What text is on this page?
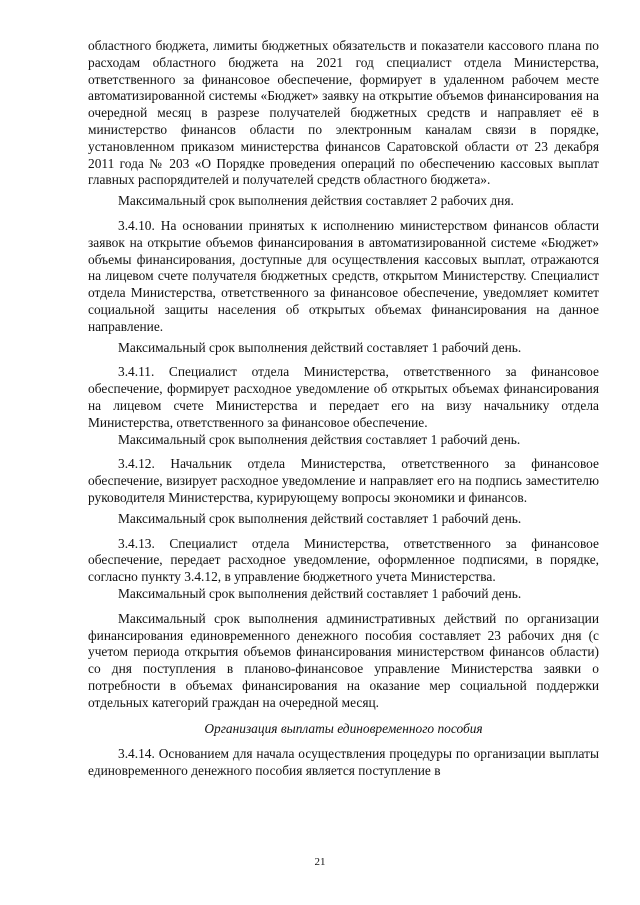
областного бюджета, лимиты бюджетных обязательств и показатели кассового плана по расходам областного бюджета на 2021 год специалист отдела Министерства, ответственного за финансовое обеспечение, формирует в удаленном рабочем месте автоматизированной системы «Бюджет» заявку на открытие объемов финансирования на очередной месяц в разрезе получателей бюджетных средств и направляет её в министерство финансов области по электронным каналам связи в порядке, установленном приказом министерства финансов Саратовской области от 23 декабря 2011 года № 203 «О Порядке проведения операций по обеспечению кассовых выплат главных распорядителей и получателей средств областного бюджета».

Максимальный срок выполнения действия составляет 2 рабочих дня.

3.4.10. На основании принятых к исполнению министерством финансов области заявок на открытие объемов финансирования в автоматизированной системе «Бюджет» объемы финансирования, доступные для осуществления кассовых выплат, отражаются на лицевом счете получателя бюджетных средств, открытом Министерству. Специалист отдела Министерства, ответственного за финансовое обеспечение, уведомляет комитет социальной защиты населения об открытых объемах финансирования на данное направление.

Максимальный срок выполнения действий составляет 1 рабочий день.

3.4.11. Специалист отдела Министерства, ответственного за финансовое обеспечение, формирует расходное уведомление об открытых объемах финансирования на лицевом счете Министерства и передает его на визу начальнику отдела Министерства, ответственного за финансовое обеспечение.

Максимальный срок выполнения действия составляет 1 рабочий день.

3.4.12. Начальник отдела Министерства, ответственного за финансовое обеспечение, визирует расходное уведомление и направляет его на подпись заместителю руководителя Министерства, курирующему вопросы экономики и финансов.

Максимальный срок выполнения действий составляет 1 рабочий день.

3.4.13. Специалист отдела Министерства, ответственного за финансовое обеспечение, передает расходное уведомление, оформленное подписями, в порядке, согласно пункту 3.4.12, в управление бюджетного учета Министерства.

Максимальный срок выполнения действий составляет 1 рабочий день.

Максимальный срок выполнения административных действий по организации финансирования единовременного денежного пособия составляет 23 рабочих дня (с учетом периода открытия объемов финансирования министерством финансов области) со дня поступления в планово-финансовое управление Министерства заявки о потребности в объемах финансирования на оказание мер социальной поддержки отдельных категорий граждан на очередной месяц.

Организация выплаты единовременного пособия

3.4.14. Основанием для начала осуществления процедуры по организации выплаты единовременного денежного пособия является поступление в

21
